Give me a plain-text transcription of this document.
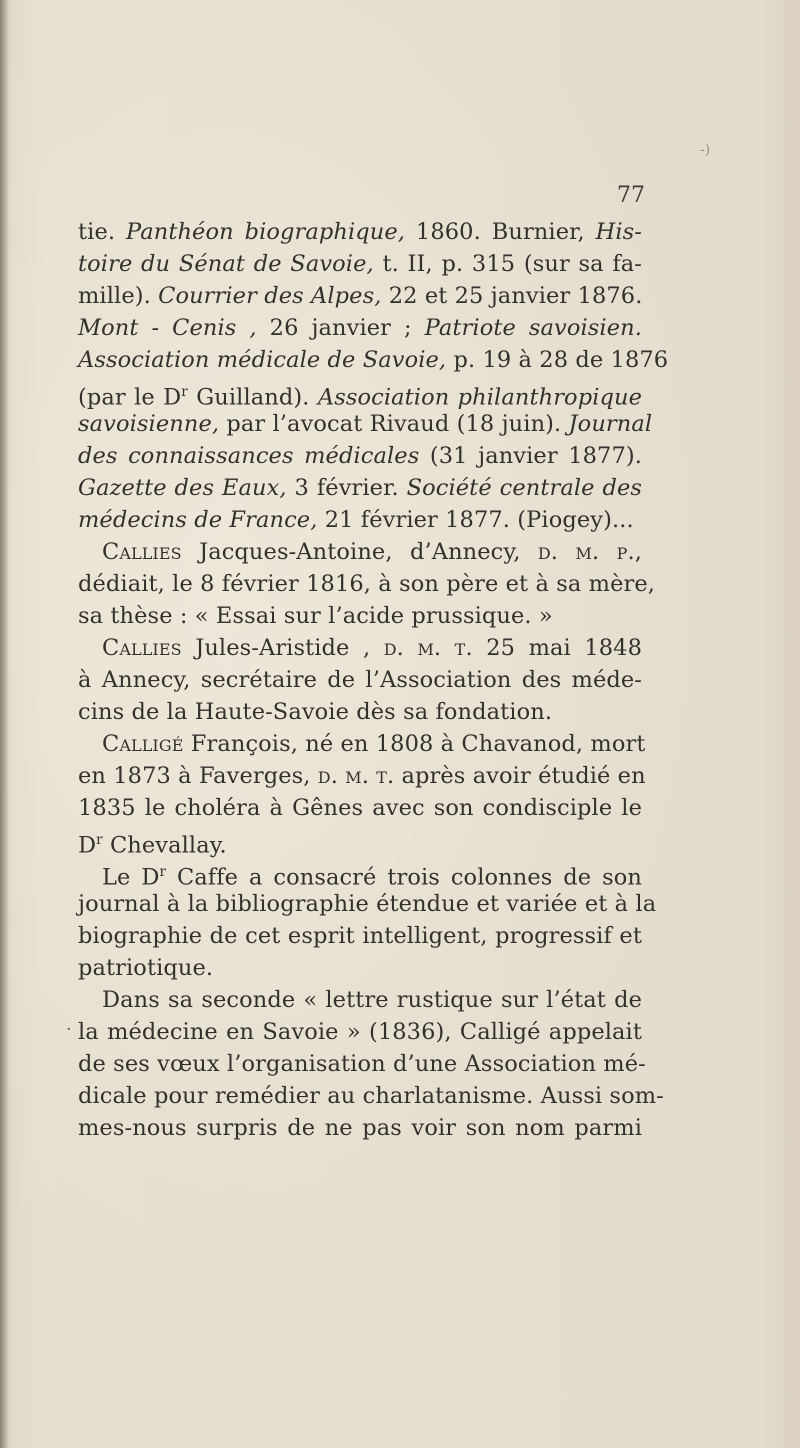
-)
77
·
tie. Panthéon biographique, 1860. Burnier, His-
toire du Sénat de Savoie, t. II, p. 315 (sur sa fa-
mille). Courrier des Alpes, 22 et 25 janvier 1876.
Mont - Cenis , 26 janvier ; Patriote savoisien.
Association médicale de Savoie, p. 19 à 28 de 1876
(par le $D^r$ Guilland). Association philanthropique
savoisienne, par l’avocat Rivaud (18 juin). Journal
des connaissances médicales (31 janvier 1877).
Gazette des Eaux, 3 février. Société centrale des
médecins de France, 21 février 1877. (Piogey)...
Callies Jacques-Antoine, d’Annecy, d. m. p.,
dédiait, le 8 février 1816, à son père et à sa mère,
sa thèse : « Essai sur l’acide prussique. »
Callies Jules-Aristide , d. m. t. 25 mai 1848
à Annecy, secrétaire de l’Association des méde-
cins de la Haute-Savoie dès sa fondation.
Calligé François, né en 1808 à Chavanod, mort
en 1873 à Faverges, d. m. t. après avoir étudié en
1835 le choléra à Gênes avec son condisciple le
$D^r$ Chevallay.
Le $D^r$ Caffe a consacré trois colonnes de son
journal à la bibliographie étendue et variée et à la
biographie de cet esprit intelligent, progressif et
patriotique.
Dans sa seconde « lettre rustique sur l’état de
la médecine en Savoie » (1836), Calligé appelait
de ses vœux l’organisation d’une Association mé-
dicale pour remédier au charlatanisme. Aussi som-
mes-nous surpris de ne pas voir son nom parmi
